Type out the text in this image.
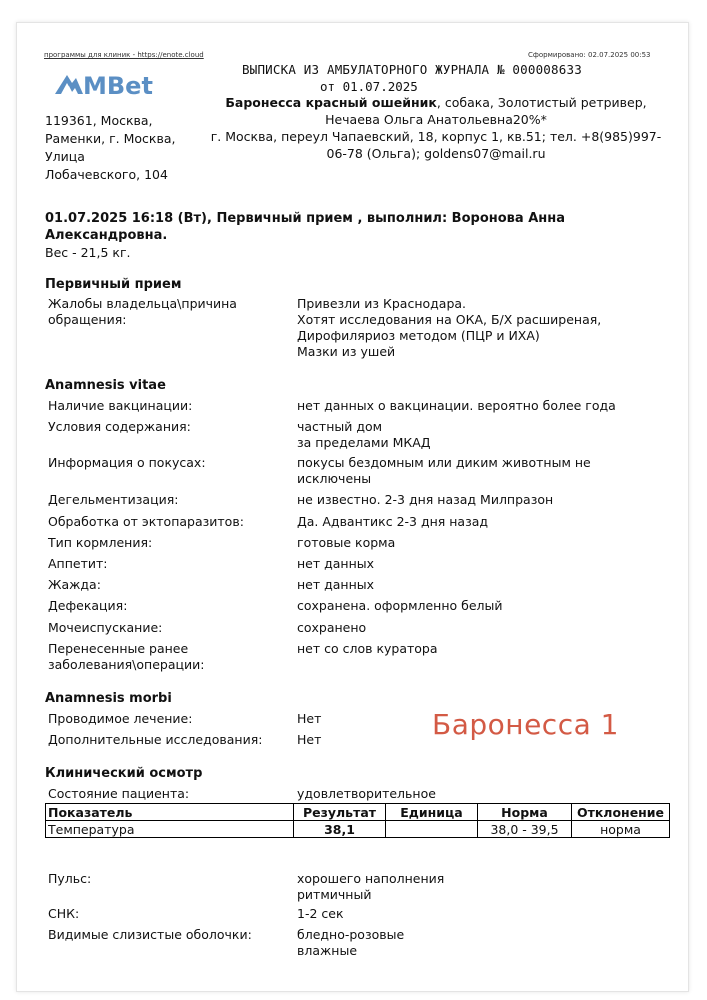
программы для клиник - https://enote.cloud	Сформировано: 02.07.2025 00:53
MBet
ВЫПИСКА ИЗ АМБУЛАТОРНОГО ЖУРНАЛА № 000008633
от 01.07.2025
119361, Москва,
Раменки, г. Москва,
Улица
Лобачевского, 104
Баронесса красный ошейник, собака, Золотистый ретривер,
Нечаева Ольга Анатольевна20%*
г. Москва, переул Чапаевский, 18, корпус 1, кв.51; тел. +8(985)997-
06-78 (Ольга); goldens07@mail.ru
01.07.2025 16:18 (Вт), Первичный прием , выполнил: Воронова Анна
Александровна.
Вес - 21,5 кг.
Первичный прием
Жалобы владельца\причина
обращения:
Привезли из Краснодара.
Хотят исследования на ОКА, Б/Х расширеная,
Дирофиляриоз методом (ПЦР и ИХА)
Мазки из ушей
Anamnesis vitae
Наличие вакцинации:	нет данных о вакцинации. вероятно более года
Условия содержания:	частный дом
за пределами МКАД
Информация о покусах:	покусы бездомным или диким животным не
исключены
Дегельментизация:	не известно. 2-3 дня назад Милпразон
Обработка от эктопаразитов:	Да. Адвантикс 2-3 дня назад
Тип кормления:	готовые корма
Аппетит:	нет данных
Жажда:	нет данных
Дефекация:	сохранена. оформленно белый
Мочеиспускание:	сохранено
Перенесенные ранее
заболевания\операции:
нет со слов куратора
Anamnesis morbi
Проводимое лечение:	Нет
Дополнительные исследования:	Нет	Баронесса 1
Клинический осмотр
Состояние пациента:	удовлетворительное
Показатель	Результат	Единица	Норма	Отклонение
Температура	38,1		38,0 - 39,5	норма
Пульс:	хорошего наполнения
ритмичный
СНК:	1-2 сек
Видимые слизистые оболочки:	бледно-розовые
влажные
